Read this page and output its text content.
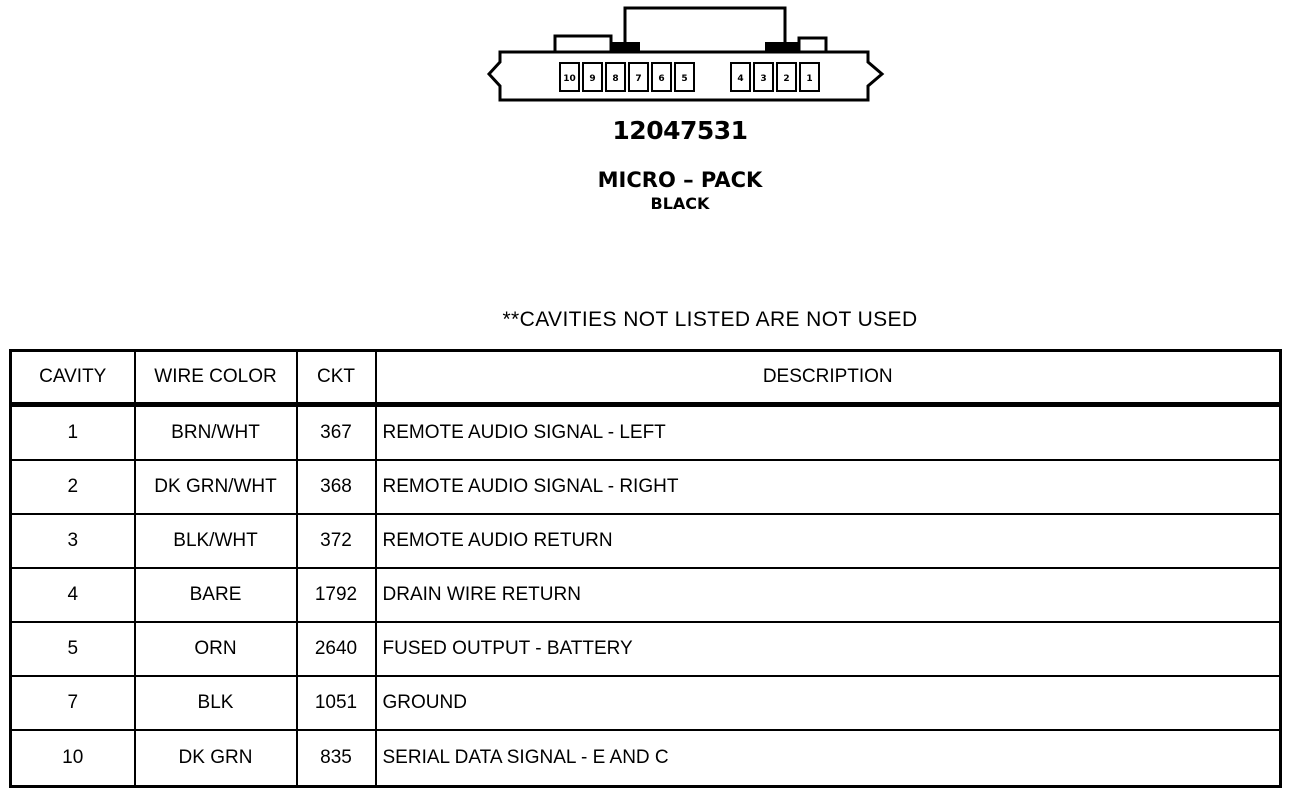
10 9 8 7 6 5	4 3 2 1
12047531
MICRO – PACK
BLACK
**CAVITIES NOT LISTED ARE NOT USED
CAVITY	WIRE COLOR	CKT	DESCRIPTION
1	BRN/WHT	367	REMOTE AUDIO SIGNAL - LEFT
2	DK GRN/WHT	368	REMOTE AUDIO SIGNAL - RIGHT
3	BLK/WHT	372	REMOTE AUDIO RETURN
4	BARE	1792	DRAIN WIRE RETURN
5	ORN	2640	FUSED OUTPUT - BATTERY
7	BLK	1051	GROUND
10	DK GRN	835	SERIAL DATA SIGNAL - E AND C
